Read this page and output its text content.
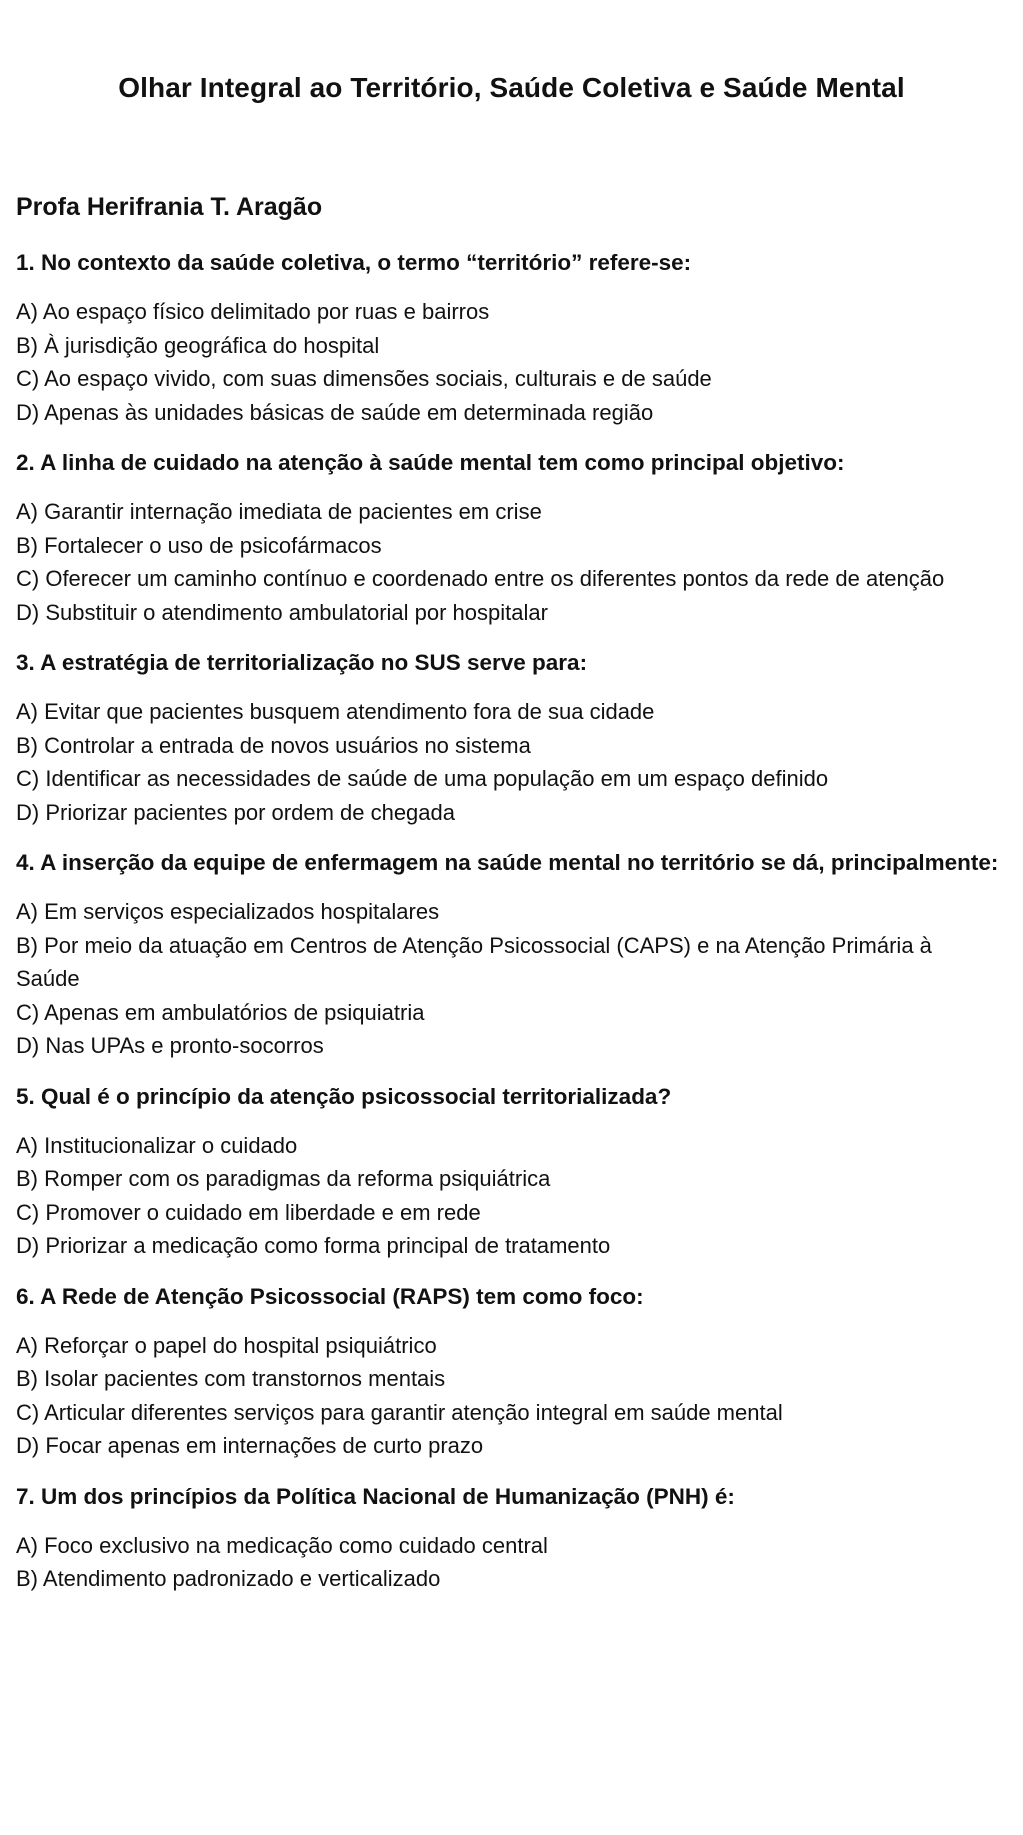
Olhar Integral ao Território, Saúde Coletiva e Saúde Mental
Profa Herifrania T. Aragão

1. No contexto da saúde coletiva, o termo “território” refere-se:

A) Ao espaço físico delimitado por ruas e bairros

B) À jurisdição geográfica do hospital

C) Ao espaço vivido, com suas dimensões sociais, culturais e de saúde

D) Apenas às unidades básicas de saúde em determinada região

2. A linha de cuidado na atenção à saúde mental tem como principal objetivo:

A) Garantir internação imediata de pacientes em crise

B) Fortalecer o uso de psicofármacos

C) Oferecer um caminho contínuo e coordenado entre os diferentes pontos da rede de atenção

D) Substituir o atendimento ambulatorial por hospitalar

3. A estratégia de territorialização no SUS serve para:

A) Evitar que pacientes busquem atendimento fora de sua cidade

B) Controlar a entrada de novos usuários no sistema

C) Identificar as necessidades de saúde de uma população em um espaço definido

D) Priorizar pacientes por ordem de chegada

4. A inserção da equipe de enfermagem na saúde mental no território se dá, principalmente:

A) Em serviços especializados hospitalares

B) Por meio da atuação em Centros de Atenção Psicossocial (CAPS) e na Atenção Primária à Saúde

C) Apenas em ambulatórios de psiquiatria

D) Nas UPAs e pronto-socorros

5. Qual é o princípio da atenção psicossocial territorializada?

A) Institucionalizar o cuidado

B) Romper com os paradigmas da reforma psiquiátrica

C) Promover o cuidado em liberdade e em rede

D) Priorizar a medicação como forma principal de tratamento

6. A Rede de Atenção Psicossocial (RAPS) tem como foco:

A) Reforçar o papel do hospital psiquiátrico

B) Isolar pacientes com transtornos mentais

C) Articular diferentes serviços para garantir atenção integral em saúde mental

D) Focar apenas em internações de curto prazo

7. Um dos princípios da Política Nacional de Humanização (PNH) é:

A) Foco exclusivo na medicação como cuidado central

B) Atendimento padronizado e verticalizado
